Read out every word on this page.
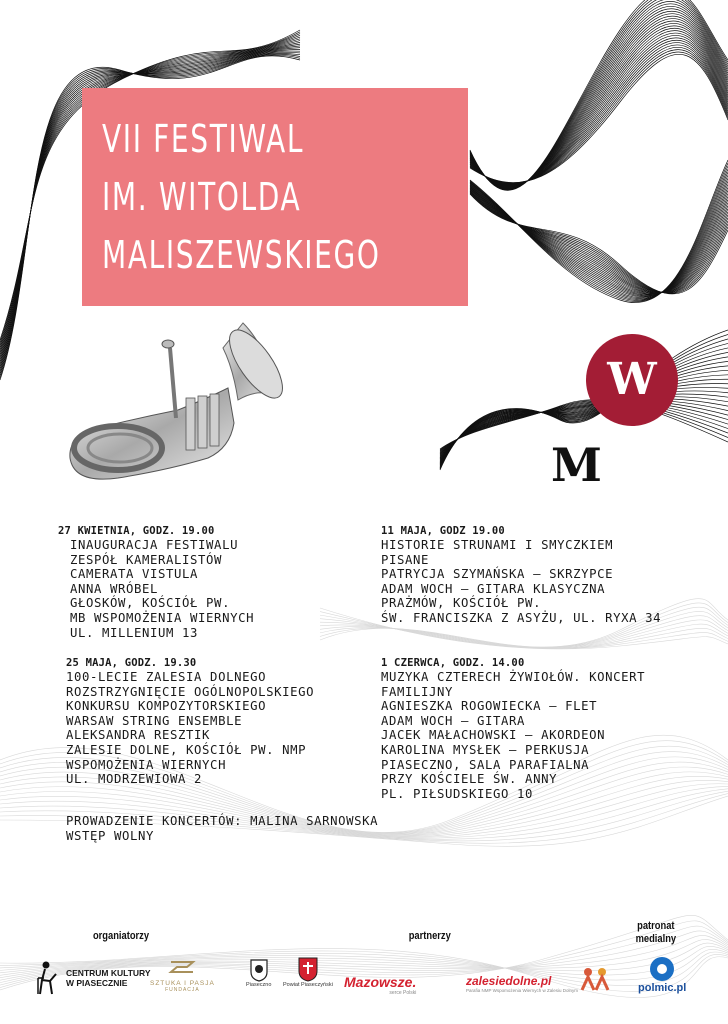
VII FESTIWAL
IM. WITOLDA
MALISZEWSKIEGO
W
M
27 KWIETNIA, GODZ. 19.00
INAUGURACJA FESTIWALU
ZESPÓŁ KAMERALISTÓW
CAMERATA VISTULA
ANNA WRÓBEL
GŁOSKÓW, KOŚCIÓŁ PW.
MB WSPOMOŻENIA WIERNYCH
UL. MILLENIUM 13
11 MAJA, GODZ 19.00
HISTORIE STRUNAMI I SMYCZKIEM
PISANE
PATRYCJA SZYMAŃSKA – SKRZYPCE
ADAM WOCH – GITARA KLASYCZNA
PRAŻMÓW, KOŚCIÓŁ PW.
ŚW. FRANCISZKA Z ASYŻU, UL. RYXA 34
25 MAJA, GODZ. 19.30
100-LECIE ZALESIA DOLNEGO
ROZSTRZYGNIĘCIE OGÓLNOPOLSKIEGO
KONKURSU KOMPOZYTORSKIEGO
WARSAW STRING ENSEMBLE
ALEKSANDRA RESZTIK
ZALESIE DOLNE, KOŚCIÓŁ PW. NMP
WSPOMOŻENIA WIERNYCH
UL. MODRZEWIOWA 2
1 CZERWCA, GODZ. 14.00
MUZYKA CZTERECH ŻYWIOŁÓW. KONCERT
FAMILIJNY
AGNIESZKA ROGOWIECKA – FLET
ADAM WOCH – GITARA
JACEK MAŁACHOWSKI – AKORDEON
KAROLINA MYSŁEK — PERKUSJA
PIASECZNO, SALA PARAFIALNA
PRZY KOŚCIELE ŚW. ANNY
PL. PIŁSUDSKIEGO 10
PROWADZENIE KONCERTÓW: MALINA SARNOWSKA
WSTĘP WOLNY
organiatorzy	partnerzy
patronat
medialny
CENTRUM KULTURY
W PIASECZNIE	SZTUKA I PASJA
FUNDACJA
Piaseczno Powiat Piaseczyński Mazowsze.
serce Polski
zalesiedolne.pl
Parafia NMP Wspomożenia Wiernych w Zalesiu Dolnym	polmic.pl
